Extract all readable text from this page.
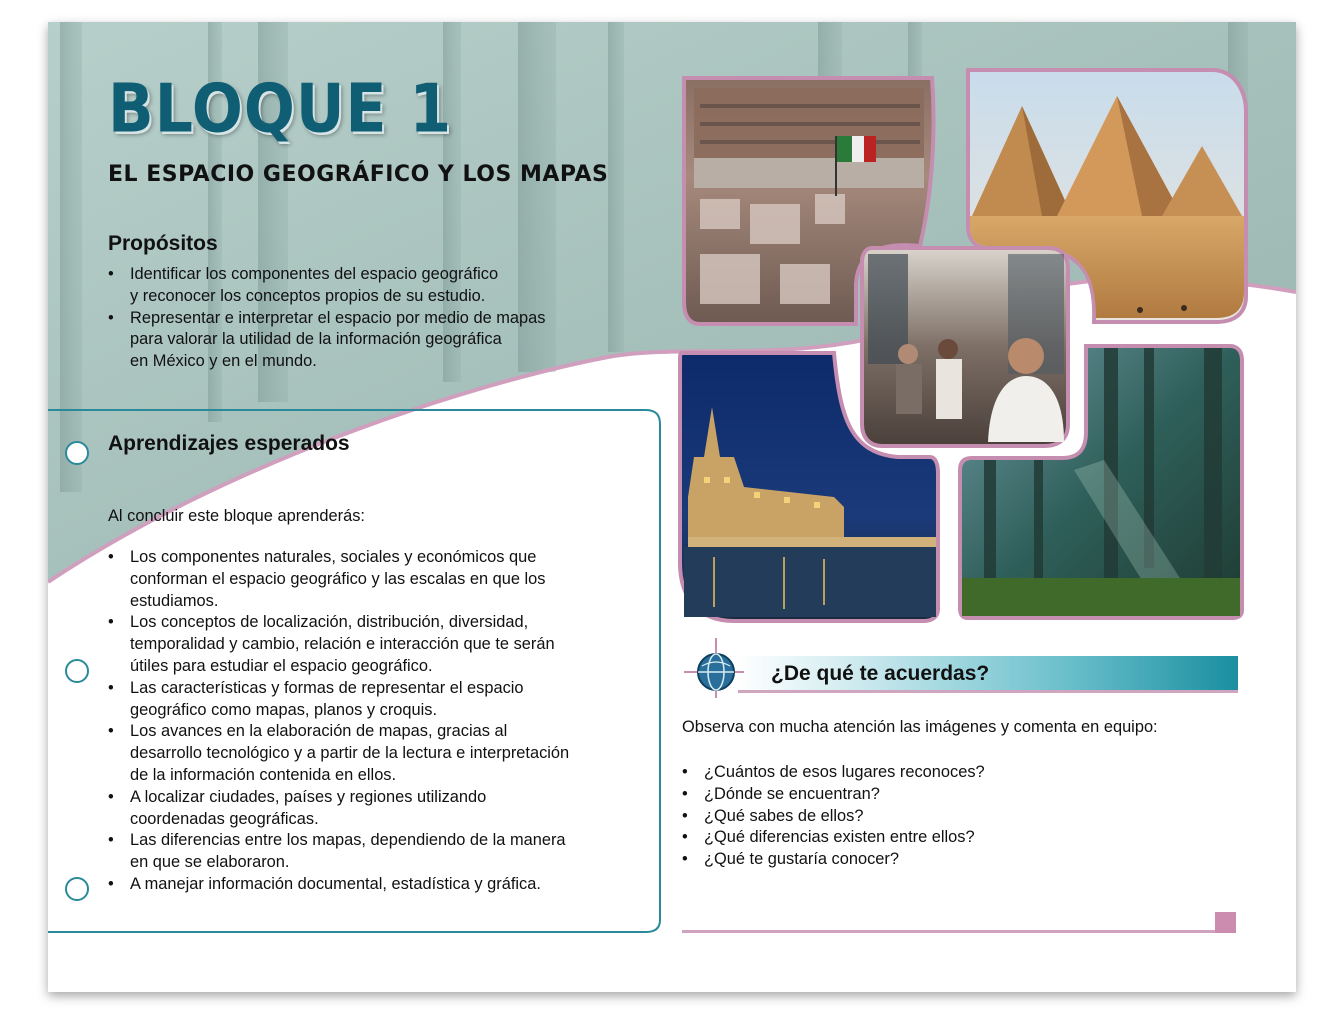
BLOQUE 1
EL ESPACIO GEOGRÁFICO Y LOS MAPAS
Propósitos
• Identificar los componentes del espacio geográfico
y reconocer los conceptos propios de su estudio.
• Representar e interpretar el espacio por medio de mapas
para valorar la utilidad de la información geográfica
en México y en el mundo.
Aprendizajes esperados

Al concluir este bloque aprenderás:

• Los componentes naturales, sociales y económicos que
conforman el espacio geográfico y las escalas en que los
estudiamos.
• Los conceptos de localización, distribución, diversidad,
temporalidad y cambio, relación e interacción que te serán
útiles para estudiar el espacio geográfico.
• Las características y formas de representar el espacio
geográfico como mapas, planos y croquis.
• Los avances en la elaboración de mapas, gracias al
desarrollo tecnológico y a partir de la lectura e interpretación
de la información contenida en ellos.
• A localizar ciudades, países y regiones utilizando
coordenadas geográficas.
• Las diferencias entre los mapas, dependiendo de la manera
en que se elaboraron.
• A manejar información documental, estadística y gráfica.
¿De qué te acuerdas?

Observa con mucha atención las imágenes y comenta en equipo:

• ¿Cuántos de esos lugares reconoces?
• ¿Dónde se encuentran?
• ¿Qué sabes de ellos?
• ¿Qué diferencias existen entre ellos?
• ¿Qué te gustaría conocer?
